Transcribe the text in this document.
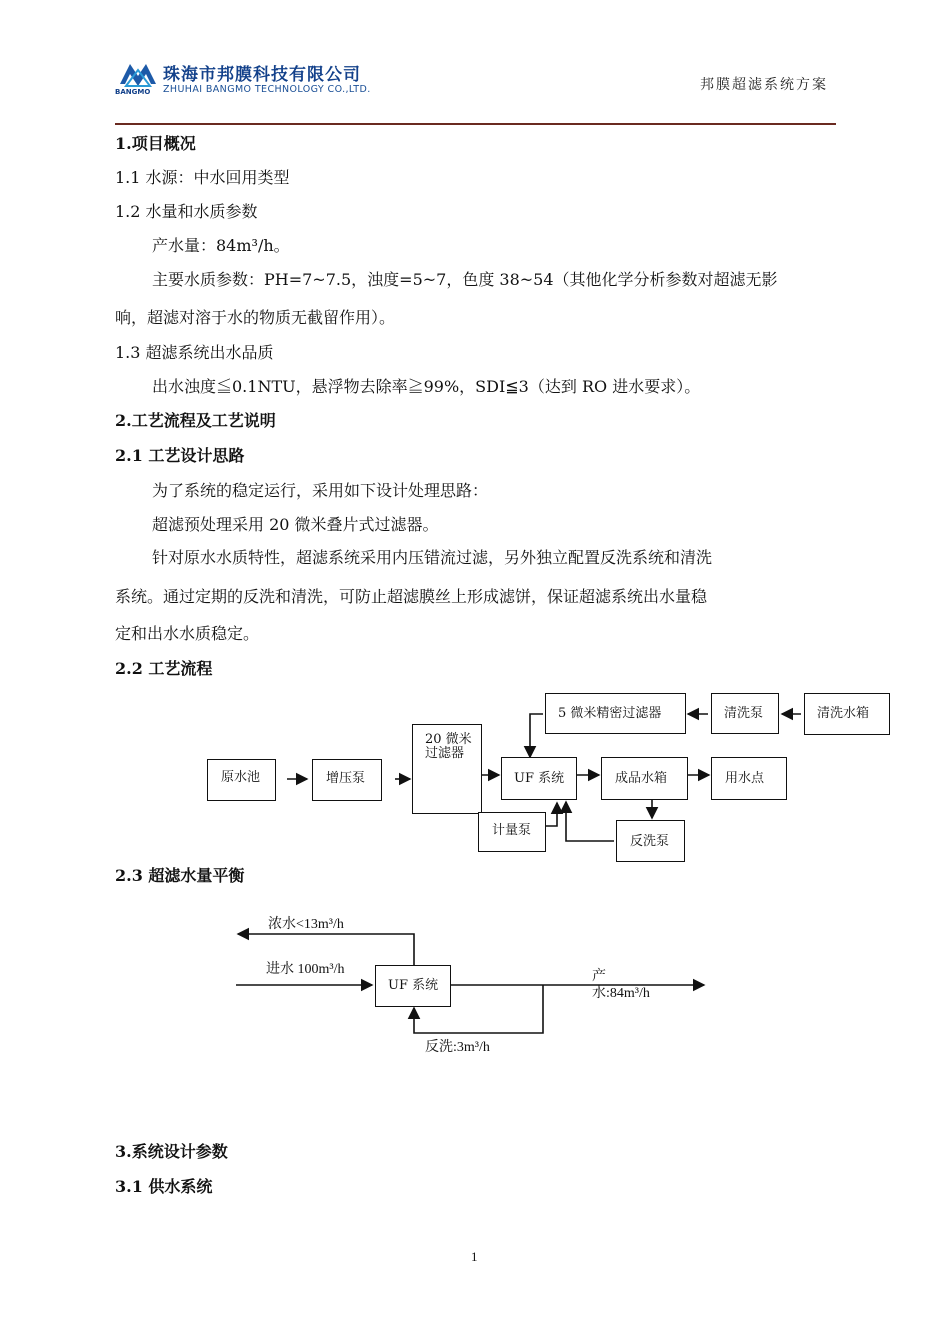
BANGMO
珠海市邦膜科技有限公司
ZHUHAI BANGMO TECHNOLOGY CO.,LTD.	邦膜超滤系统方案
1.项目概况
1.1 水源：中水回用类型
1.2 水量和水质参数
产水量：84m³/h。
主要水质参数：PH=7~7.5，浊度=5~7，色度 38~54（其他化学分析参数对超滤无影
响，超滤对溶于水的物质无截留作用）。
1.3 超滤系统出水品质
出水浊度≦0.1NTU，悬浮物去除率≧99%，SDI≦3（达到 RO 进水要求）。
2.工艺流程及工艺说明
2.1 工艺设计思路
为了系统的稳定运行，采用如下设计处理思路：
超滤预处理采用 20 微米叠片式过滤器。
针对原水水质特性，超滤系统采用内压错流过滤，另外独立配置反洗系统和清洗
系统。通过定期的反洗和清洗，可防止超滤膜丝上形成滤饼，保证超滤系统出水量稳
定和出水水质稳定。
2.2 工艺流程
原水池	增压泵
20 微米过滤器
UF 系统	成品水箱	用水点
计量泵
反洗泵
5 微米精密过滤器	清洗泵	清洗水箱
2.3 超滤水量平衡
UF 系统
浓水<13m³/h
进水 100m³/h	产
水:84m³/h
反洗:3m³/h
3.系统设计参数
3.1 供水系统
1
